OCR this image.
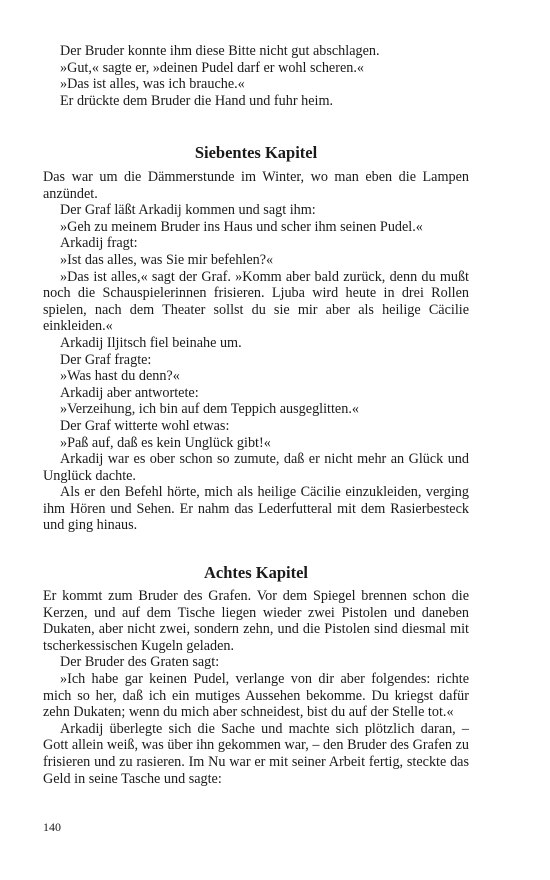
Der Bruder konnte ihm diese Bitte nicht gut abschlagen.

»Gut,« sagte er, »deinen Pudel darf er wohl scheren.«

»Das ist alles, was ich brauche.«

Er drückte dem Bruder die Hand und fuhr heim.

Siebentes Kapitel

Das war um die Dämmerstunde im Winter, wo man eben die Lampen anzündet.

Der Graf läßt Arkadij kommen und sagt ihm:

»Geh zu meinem Bruder ins Haus und scher ihm seinen Pudel.«

Arkadij fragt:

»Ist das alles, was Sie mir befehlen?«

»Das ist alles,« sagt der Graf. »Komm aber bald zurück, denn du mußt noch die Schauspielerinnen frisieren. Ljuba wird heute in drei Rollen spielen, nach dem Theater sollst du sie mir aber als heilige Cäcilie einkleiden.«

Arkadij Iljitsch fiel beinahe um.

Der Graf fragte:

»Was hast du denn?«

Arkadij aber antwortete:

»Verzeihung, ich bin auf dem Teppich ausgeglitten.«

Der Graf witterte wohl etwas:

»Paß auf, daß es kein Unglück gibt!«

Arkadij war es ober schon so zumute, daß er nicht mehr an Glück und Unglück dachte.

Als er den Befehl hörte, mich als heilige Cäcilie einzukleiden, verging ihm Hören und Sehen. Er nahm das Lederfutteral mit dem Rasierbesteck und ging hinaus.

Achtes Kapitel

Er kommt zum Bruder des Grafen. Vor dem Spiegel brennen schon die Kerzen, und auf dem Tische liegen wieder zwei Pistolen und daneben Dukaten, aber nicht zwei, sondern zehn, und die Pistolen sind diesmal mit tscherkessischen Kugeln geladen.

Der Bruder des Graten sagt:

»Ich habe gar keinen Pudel, verlange von dir aber folgendes: richte mich so her, daß ich ein mutiges Aussehen bekomme. Du kriegst dafür zehn Dukaten; wenn du mich aber schneidest, bist du auf der Stelle tot.«

Arkadij überlegte sich die Sache und machte sich plötzlich daran, – Gott allein weiß, was über ihn gekommen war, – den Bruder des Grafen zu frisieren und zu rasieren. Im Nu war er mit seiner Arbeit fertig, steckte das Geld in seine Tasche und sagte:

140
